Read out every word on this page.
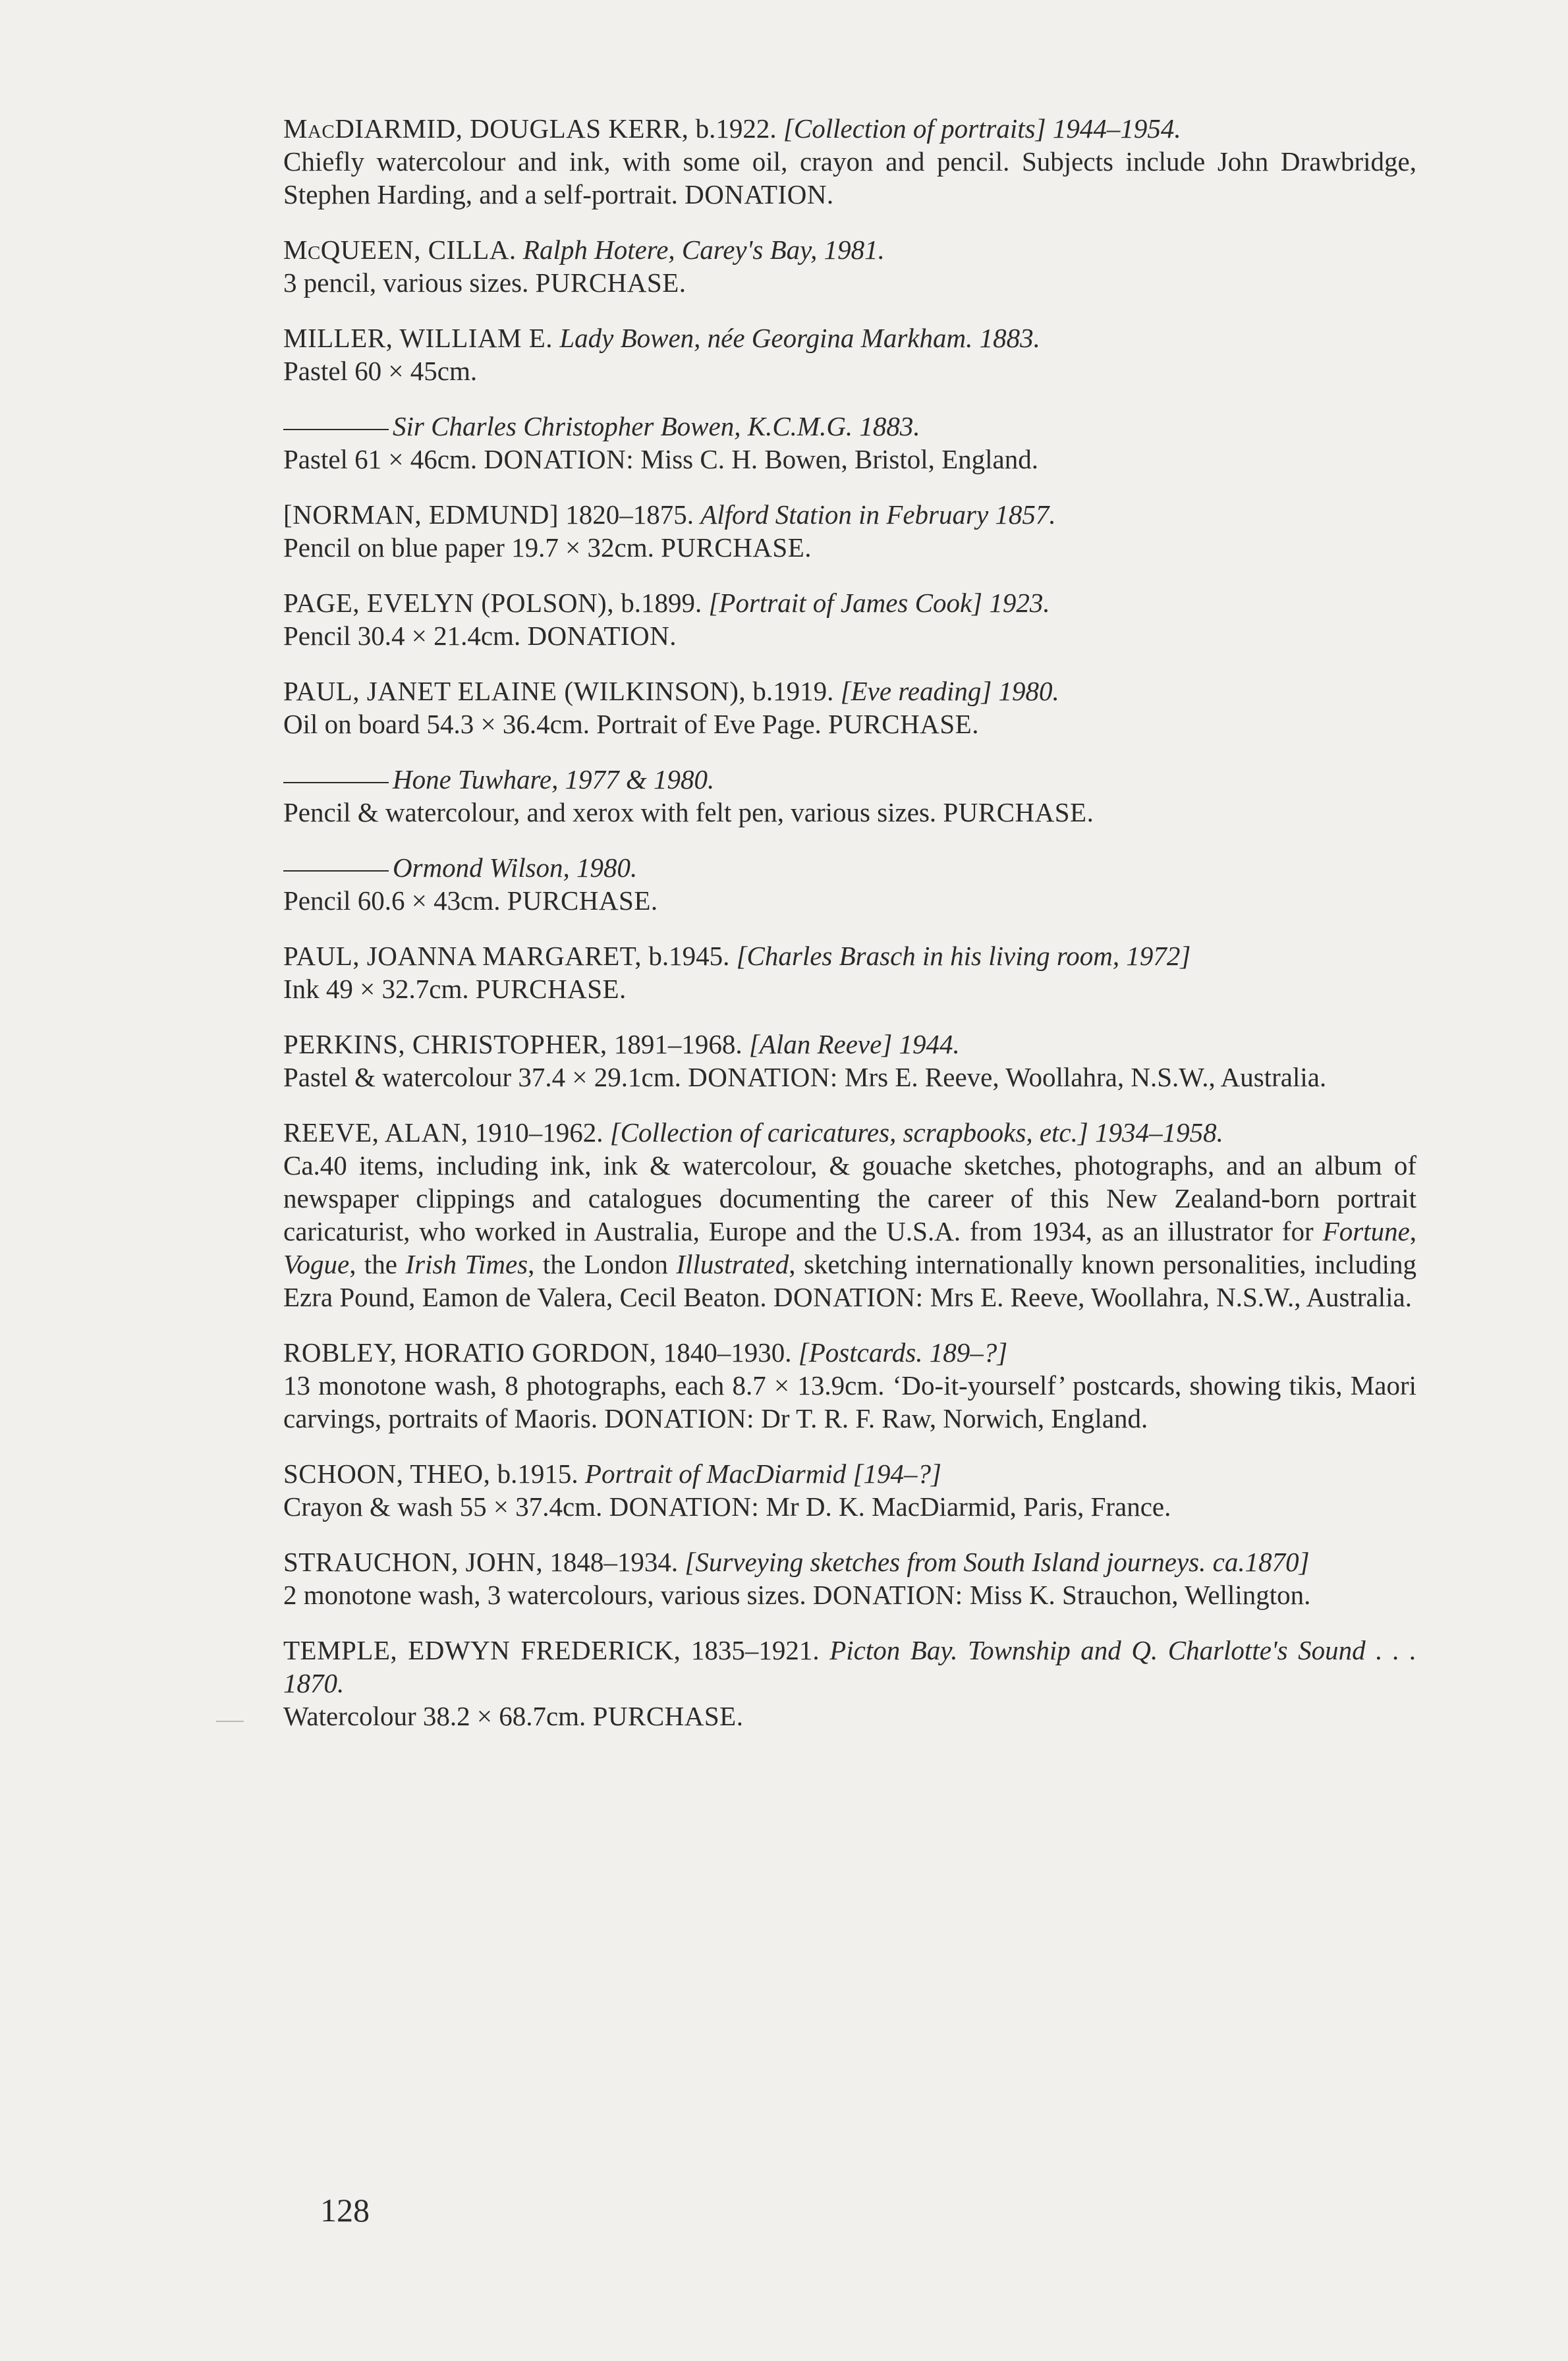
MacDIARMID, DOUGLAS KERR, b.1922. [Collection of portraits] 1944–1954.
Chiefly watercolour and ink, with some oil, crayon and pencil. Subjects include John Drawbridge, Stephen Harding, and a self-portrait. DONATION.

McQUEEN, CILLA. Ralph Hotere, Carey's Bay, 1981.
3 pencil, various sizes. PURCHASE.

MILLER, WILLIAM E. Lady Bowen, née Georgina Markham. 1883.
Pastel 60 × 45cm.

Sir Charles Christopher Bowen, K.C.M.G. 1883.
Pastel 61 × 46cm. DONATION: Miss C. H. Bowen, Bristol, England.

[NORMAN, EDMUND] 1820–1875. Alford Station in February 1857.
Pencil on blue paper 19.7 × 32cm. PURCHASE.

PAGE, EVELYN (POLSON), b.1899. [Portrait of James Cook] 1923.
Pencil 30.4 × 21.4cm. DONATION.

PAUL, JANET ELAINE (WILKINSON), b.1919. [Eve reading] 1980.
Oil on board 54.3 × 36.4cm. Portrait of Eve Page. PURCHASE.

Hone Tuwhare, 1977 & 1980.
Pencil & watercolour, and xerox with felt pen, various sizes. PURCHASE.

Ormond Wilson, 1980.
Pencil 60.6 × 43cm. PURCHASE.

PAUL, JOANNA MARGARET, b.1945. [Charles Brasch in his living room, 1972]
Ink 49 × 32.7cm. PURCHASE.

PERKINS, CHRISTOPHER, 1891–1968. [Alan Reeve] 1944.
Pastel & watercolour 37.4 × 29.1cm. DONATION: Mrs E. Reeve, Woollahra, N.S.W., Australia.

REEVE, ALAN, 1910–1962. [Collection of caricatures, scrapbooks, etc.] 1934–1958.
Ca.40 items, including ink, ink & watercolour, & gouache sketches, photographs, and an album of newspaper clippings and catalogues documenting the career of this New Zealand-born portrait caricaturist, who worked in Australia, Europe and the U.S.A. from 1934, as an illustrator for Fortune, Vogue, the Irish Times, the London Illustrated, sketching internationally known personalities, including Ezra Pound, Eamon de Valera, Cecil Beaton. DONATION: Mrs E. Reeve, Woollahra, N.S.W., Australia.

ROBLEY, HORATIO GORDON, 1840–1930. [Postcards. 189–?]
13 monotone wash, 8 photographs, each 8.7 × 13.9cm. ‘Do-it-yourself’ postcards, showing tikis, Maori carvings, portraits of Maoris. DONATION: Dr T. R. F. Raw, Norwich, England.

SCHOON, THEO, b.1915. Portrait of MacDiarmid [194–?]
Crayon & wash 55 × 37.4cm. DONATION: Mr D. K. MacDiarmid, Paris, France.

STRAUCHON, JOHN, 1848–1934. [Surveying sketches from South Island journeys. ca.1870]
2 monotone wash, 3 watercolours, various sizes. DONATION: Miss K. Strauchon, Wellington.

TEMPLE, EDWYN FREDERICK, 1835–1921. Picton Bay. Township and Q. Charlotte's Sound . . . 1870.
Watercolour 38.2 × 68.7cm. PURCHASE.

128
